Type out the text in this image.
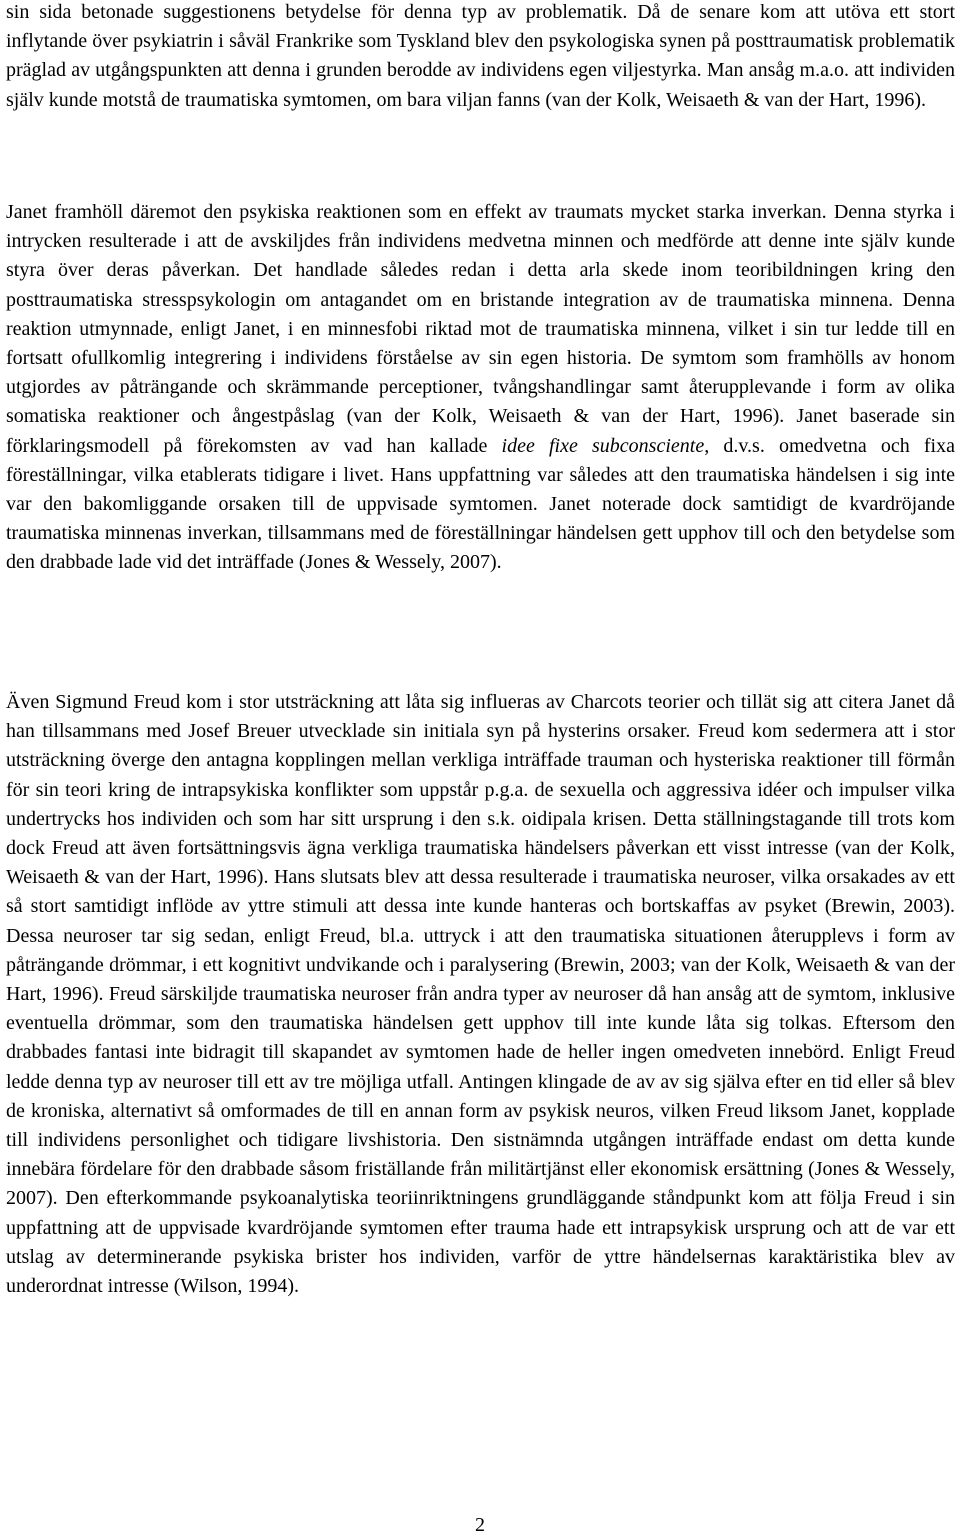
sin sida betonade suggestionens betydelse för denna typ av problematik. Då de senare kom att utöva ett stort inflytande över psykiatrin i såväl Frankrike som Tyskland blev den psykologiska synen på posttraumatisk problematik präglad av utgångspunkten att denna i grunden berodde av individens egen viljestyrka. Man ansåg m.a.o. att individen själv kunde motstå de traumatiska symtomen, om bara viljan fanns (van der Kolk, Weisaeth & van der Hart, 1996).

Janet framhöll däremot den psykiska reaktionen som en effekt av traumats mycket starka inverkan. Denna styrka i intrycken resulterade i att de avskiljdes från individens medvetna minnen och medförde att denne inte själv kunde styra över deras påverkan. Det handlade således redan i detta arla skede inom teoribildningen kring den posttraumatiska stresspsykologin om antagandet om en bristande integration av de traumatiska minnena. Denna reaktion utmynnade, enligt Janet, i en minnesfobi riktad mot de traumatiska minnena, vilket i sin tur ledde till en fortsatt ofullkomlig integrering i individens förståelse av sin egen historia. De symtom som framhölls av honom utgjordes av påträngande och skrämmande perceptioner, tvångshandlingar samt återupplevande i form av olika somatiska reaktioner och ångestpåslag (van der Kolk, Weisaeth & van der Hart, 1996). Janet baserade sin förklaringsmodell på förekomsten av vad han kallade idee fixe subconsciente, d.v.s. omedvetna och fixa föreställningar, vilka etablerats tidigare i livet. Hans uppfattning var således att den traumatiska händelsen i sig inte var den bakomliggande orsaken till de uppvisade symtomen. Janet noterade dock samtidigt de kvardröjande traumatiska minnenas inverkan, tillsammans med de föreställningar händelsen gett upphov till och den betydelse som den drabbade lade vid det inträffade (Jones & Wessely, 2007).

Även Sigmund Freud kom i stor utsträckning att låta sig influeras av Charcots teorier och tillät sig att citera Janet då han tillsammans med Josef Breuer utvecklade sin initiala syn på hysterins orsaker. Freud kom sedermera att i stor utsträckning överge den antagna kopplingen mellan verkliga inträffade trauman och hysteriska reaktioner till förmån för sin teori kring de intrapsykiska konflikter som uppstår p.g.a. de sexuella och aggressiva idéer och impulser vilka undertrycks hos individen och som har sitt ursprung i den s.k. oidipala krisen. Detta ställningstagande till trots kom dock Freud att även fortsättningsvis ägna verkliga traumatiska händelsers påverkan ett visst intresse (van der Kolk, Weisaeth & van der Hart, 1996). Hans slutsats blev att dessa resulterade i traumatiska neuroser, vilka orsakades av ett så stort samtidigt inflöde av yttre stimuli att dessa inte kunde hanteras och bortskaffas av psyket (Brewin, 2003). Dessa neuroser tar sig sedan, enligt Freud, bl.a. uttryck i att den traumatiska situationen återupplevs i form av påträngande drömmar, i ett kognitivt undvikande och i paralysering (Brewin, 2003; van der Kolk, Weisaeth & van der Hart, 1996). Freud särskiljde traumatiska neuroser från andra typer av neuroser då han ansåg att de symtom, inklusive eventuella drömmar, som den traumatiska händelsen gett upphov till inte kunde låta sig tolkas. Eftersom den drabbades fantasi inte bidragit till skapandet av symtomen hade de heller ingen omedveten innebörd. Enligt Freud ledde denna typ av neuroser till ett av tre möjliga utfall. Antingen klingade de av av sig själva efter en tid eller så blev de kroniska, alternativt så omformades de till en annan form av psykisk neuros, vilken Freud liksom Janet, kopplade till individens personlighet och tidigare livshistoria. Den sistnämnda utgången inträffade endast om detta kunde innebära fördelare för den drabbade såsom friställande från militärtjänst eller ekonomisk ersättning (Jones & Wessely, 2007). Den efterkommande psykoanalytiska teoriinriktningens grundläggande ståndpunkt kom att följa Freud i sin uppfattning att de uppvisade kvardröjande symtomen efter trauma hade ett intrapsykisk ursprung och att de var ett utslag av determinerande psykiska brister hos individen, varför de yttre händelsernas karaktäristika blev av underordnat intresse (Wilson, 1994).

2
